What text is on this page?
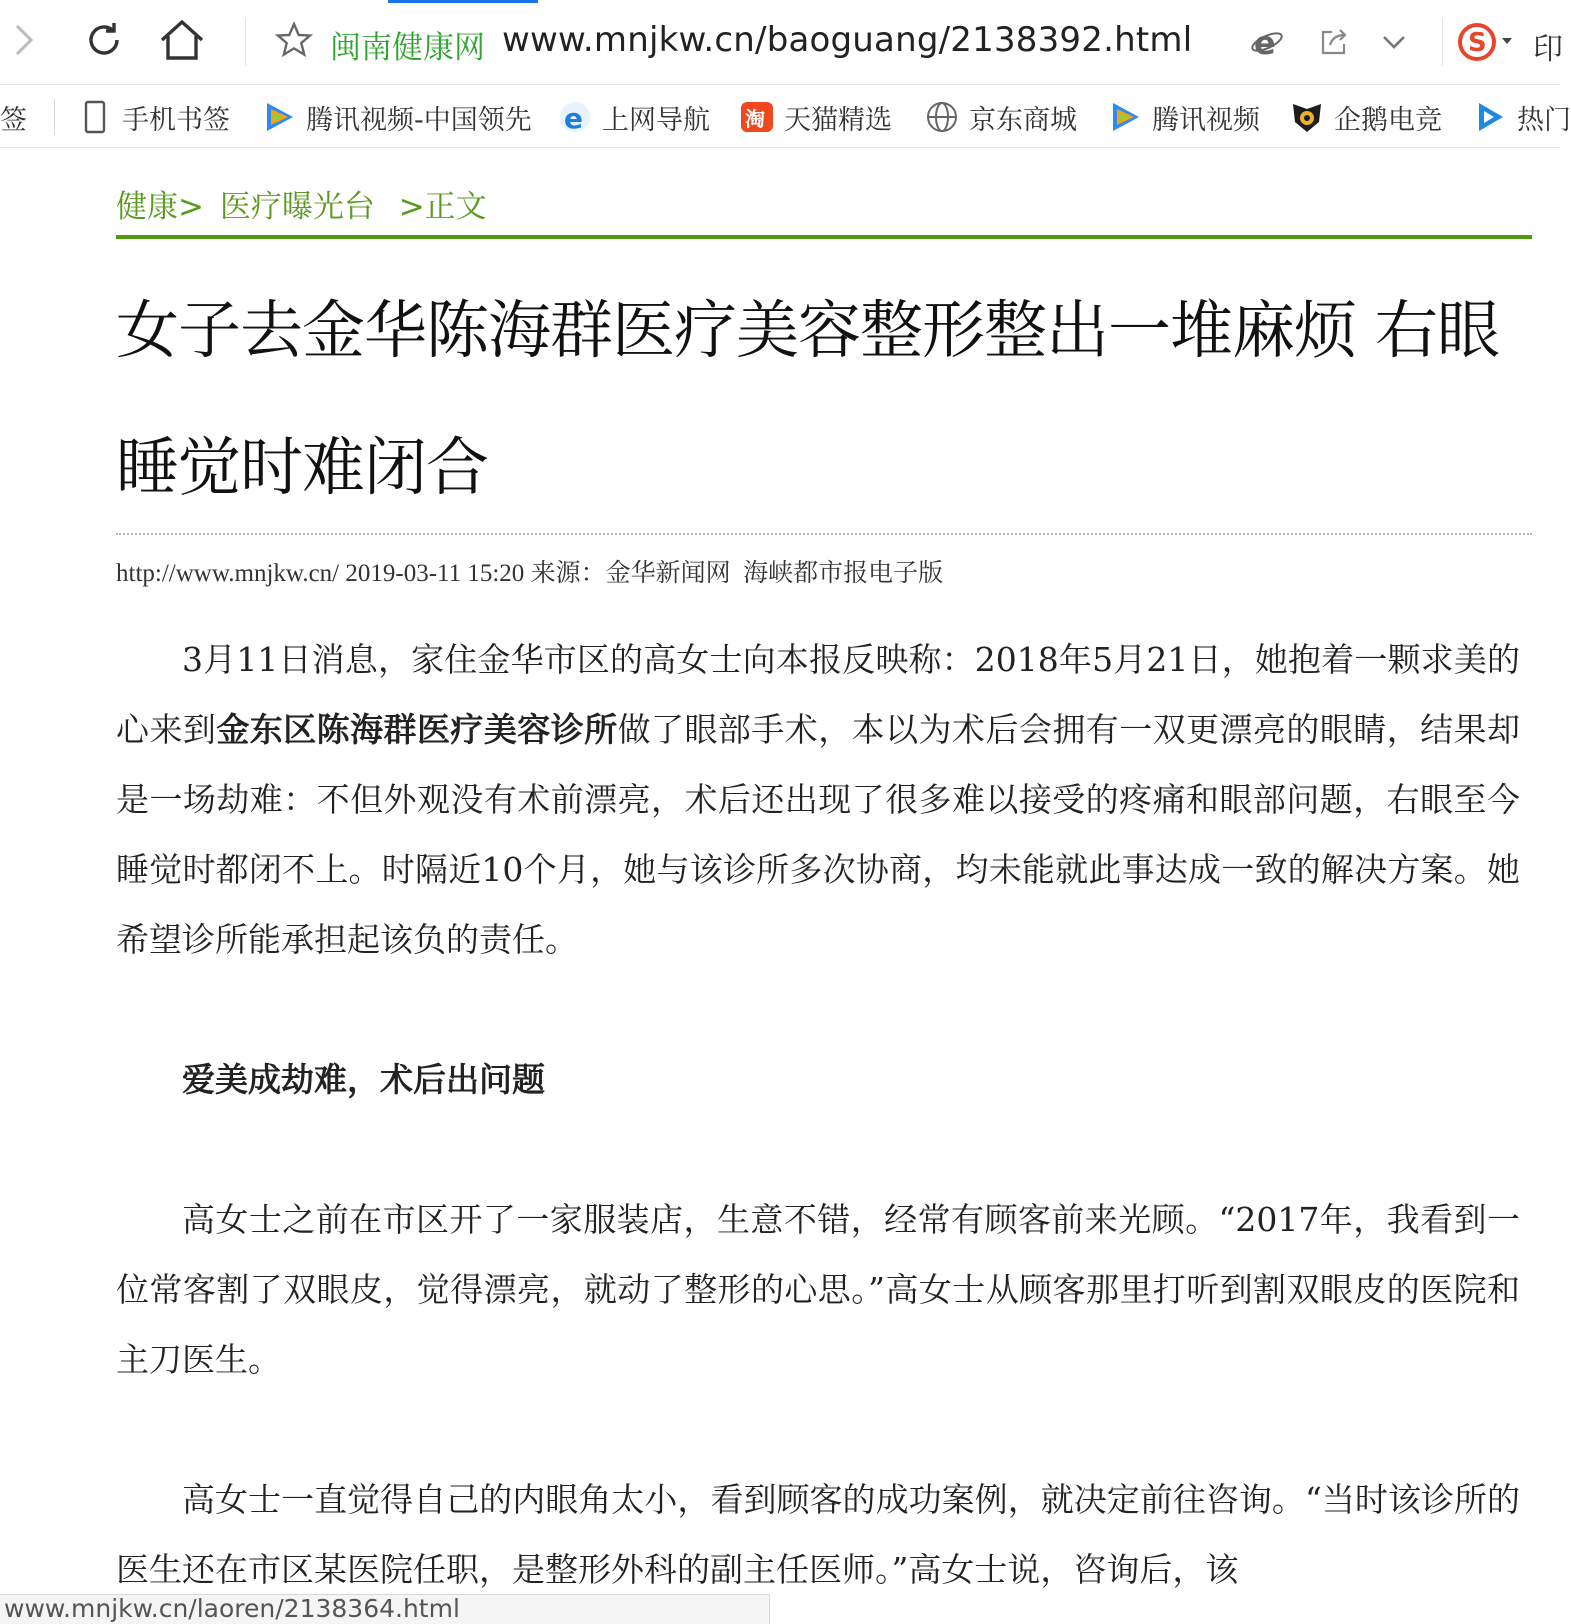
闽南健康网 www.mnjkw.cn/baoguang/2138392.html e	S 印
签	手机书签	腾讯视频-中国领先 e 上网导航 淘 天猫精选	京东商城	腾讯视频	企鹅电竞	热门
健康> 医疗曝光台 >正文
女子去金华陈海群医疗美容整形整出一堆麻烦 右眼睡觉时难闭合
http://www.mnjkw.cn/ 2019-03-11 15:20 来源：金华新闻网  海峡都市报电子版

3月11日消息，家住金华市区的高女士向本报反映称：2018年5月21日，她抱着一颗求美的心来到金东区陈海群医疗美容诊所做了眼部手术，本以为术后会拥有一双更漂亮的眼睛，结果却是一场劫难：不但外观没有术前漂亮，术后还出现了很多难以接受的疼痛和眼部问题，右眼至今睡觉时都闭不上。时隔近10个月，她与该诊所多次协商，均未能就此事达成一致的解决方案。她希望诊所能承担起该负的责任。

爱美成劫难，术后出问题

高女士之前在市区开了一家服装店，生意不错，经常有顾客前来光顾。“2017年，我看到一位常客割了双眼皮，觉得漂亮，就动了整形的心思。”高女士从顾客那里打听到割双眼皮的医院和主刀医生。

高女士一直觉得自己的内眼角太小，看到顾客的成功案例，就决定前往咨询。“当时该诊所的医生还在市区某医院任职，是整形外科的副主任医师。”高女士说，咨询后，该

www.mnjkw.cn/laoren/2138364.html
